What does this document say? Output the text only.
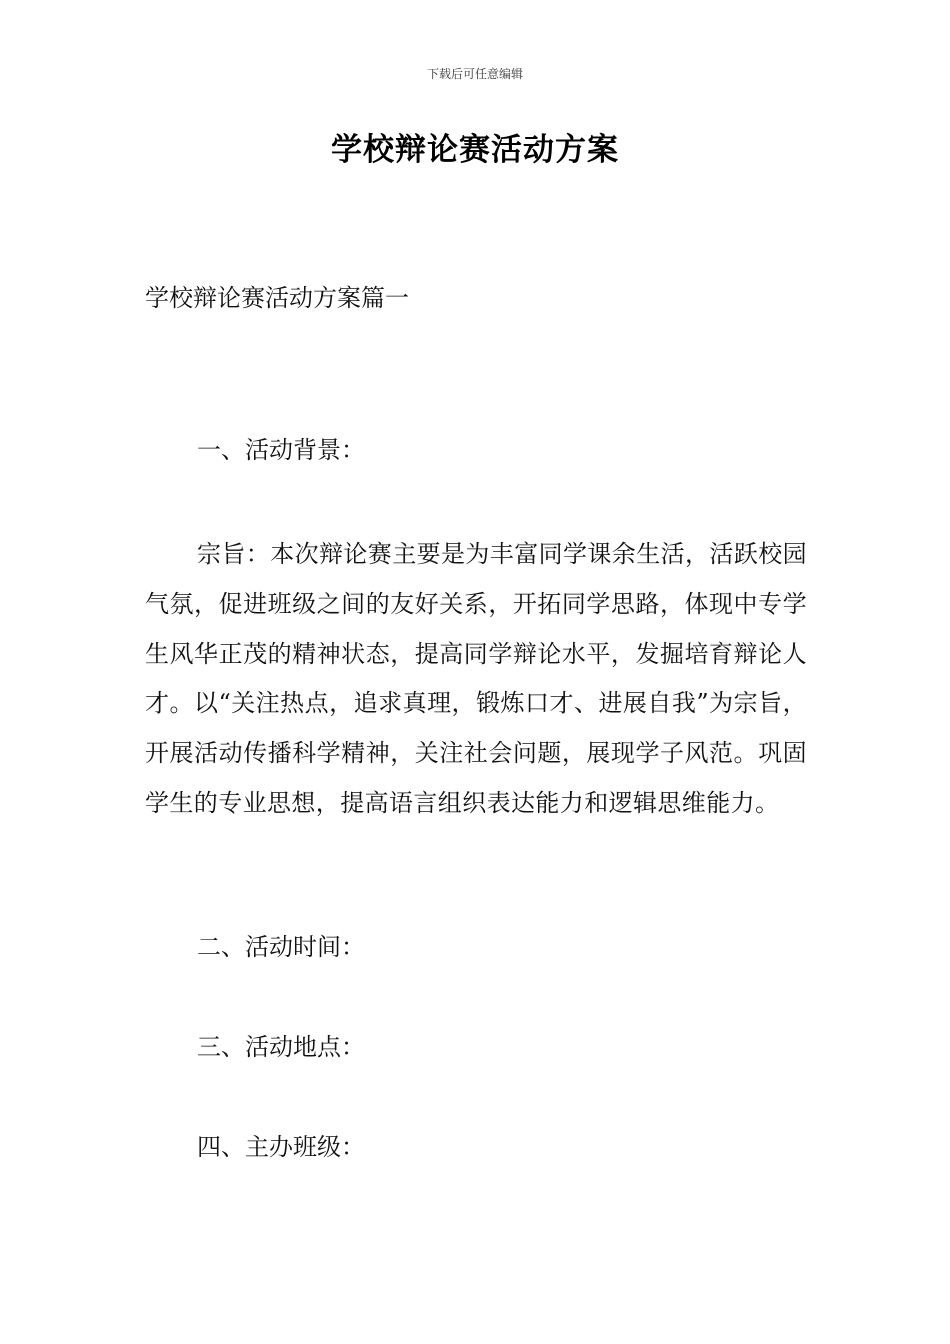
下载后可任意编辑
学校辩论赛活动方案
学校辩论赛活动方案篇一
一、活动背景：
宗旨：本次辩论赛主要是为丰富同学课余生活，活跃校园气氛，促进班级之间的友好关系，开拓同学思路，体现中专学生风华正茂的精神状态，提高同学辩论水平，发掘培育辩论人才。以“关注热点，追求真理，锻炼口才、进展自我”为宗旨，开展活动传播科学精神，关注社会问题，展现学子风范。巩固学生的专业思想，提高语言组织表达能力和逻辑思维能力。
二、活动时间：
三、活动地点：
四、主办班级：
